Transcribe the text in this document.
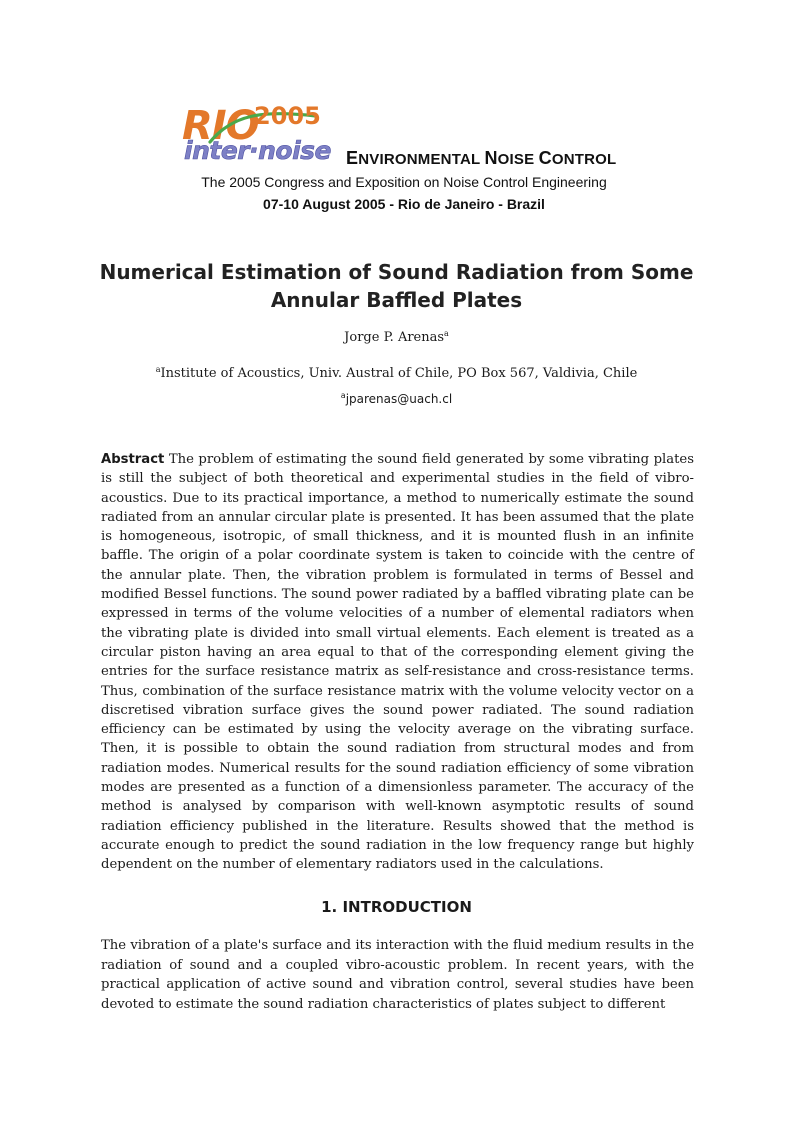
RIO
2005
inter·noise ENVIRONMENTAL NOISE CONTROL
The 2005 Congress and Exposition on Noise Control Engineering
07-10 August 2005 - Rio de Janeiro - Brazil
Numerical Estimation of Sound Radiation from Some
Annular Baffled Plates
Jorge P. Arenas$^a$
$^a$Institute of Acoustics, Univ. Austral of Chile, PO Box 567, Valdivia, Chile
$^a$jparenas@uach.cl

Abstract The problem of estimating the sound field generated by some vibrating plates is still the subject of both theoretical and experimental studies in the field of vibro-acoustics. Due to its practical importance, a method to numerically estimate the sound radiated from an annular circular plate is presented. It has been assumed that the plate is homogeneous, isotropic, of small thickness, and it is mounted flush in an infinite baffle. The origin of a polar coordinate system is taken to coincide with the centre of the annular plate. Then, the vibration problem is formulated in terms of Bessel and modified Bessel functions. The sound power radiated by a baffled vibrating plate can be expressed in terms of the volume velocities of a number of elemental radiators when the vibrating plate is divided into small virtual elements. Each element is treated as a circular piston having an area equal to that of the corresponding element giving the entries for the surface resistance matrix as self-resistance and cross-resistance terms. Thus, combination of the surface resistance matrix with the volume velocity vector on a discretised vibration surface gives the sound power radiated. The sound radiation efficiency can be estimated by using the velocity average on the vibrating surface. Then, it is possible to obtain the sound radiation from structural modes and from radiation modes. Numerical results for the sound radiation efficiency of some vibration modes are presented as a function of a dimensionless parameter. The accuracy of the method is analysed by comparison with well-known asymptotic results of sound radiation efficiency published in the literature. Results showed that the method is accurate enough to predict the sound radiation in the low frequency range but highly dependent on the number of elementary radiators used in the calculations.

1. INTRODUCTION

The vibration of a plate's surface and its interaction with the fluid medium results in the radiation of sound and a coupled vibro-acoustic problem. In recent years, with the practical application of active sound and vibration control, several studies have been devoted to estimate the sound radiation characteristics of plates subject to different
